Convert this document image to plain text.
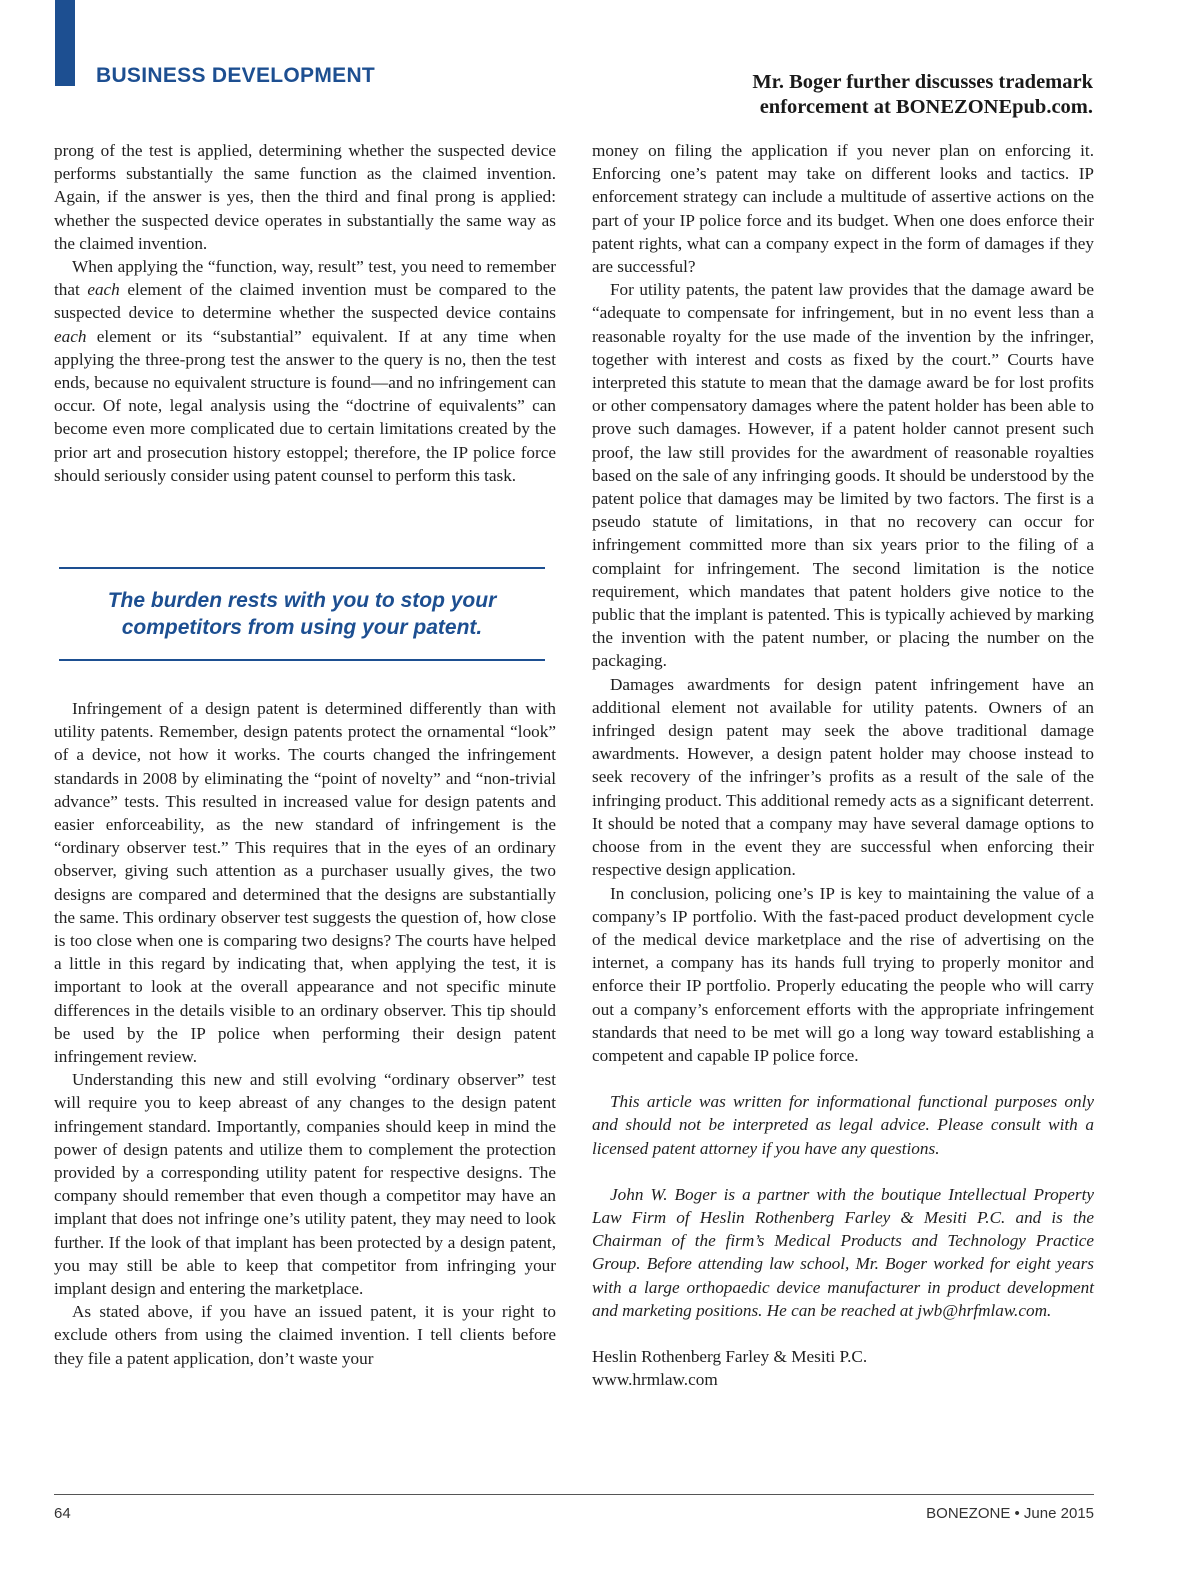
BUSINESS DEVELOPMENT	Mr. Boger further discusses trademark
enforcement at BONEZONEpub.com.

prong of the test is applied, determining whether the suspected device performs substantially the same function as the claimed invention. Again, if the answer is yes, then the third and final prong is applied: whether the suspected device operates in substantially the same way as the claimed invention.

When applying the “function, way, result” test, you need to remember that each element of the claimed invention must be compared to the suspected device to determine whether the suspected device contains each element or its “substantial” equivalent. If at any time when applying the three-prong test the answer to the query is no, then the test ends, because no equivalent structure is found—and no infringement can occur. Of note, legal analysis using the “doctrine of equivalents” can become even more complicated due to certain limitations created by the prior art and prosecution history estoppel; therefore, the IP police force should seriously consider using patent counsel to perform this task.

The burden rests with you to stop your
competitors from using your patent.

Infringement of a design patent is determined differently than with utility patents. Remember, design patents protect the ornamental “look” of a device, not how it works. The courts changed the infringement standards in 2008 by eliminating the “point of novelty” and “non-trivial advance” tests. This resulted in increased value for design patents and easier enforceability, as the new standard of infringement is the “ordinary observer test.” This requires that in the eyes of an ordinary observer, giving such attention as a purchaser usually gives, the two designs are compared and determined that the designs are substantially the same. This ordinary observer test suggests the question of, how close is too close when one is comparing two designs? The courts have helped a little in this regard by indicating that, when applying the test, it is important to look at the overall appearance and not specific minute differences in the details visible to an ordinary observer. This tip should be used by the IP police when performing their design patent infringement review.

Understanding this new and still evolving “ordinary observer” test will require you to keep abreast of any changes to the design patent infringement standard. Importantly, companies should keep in mind the power of design patents and utilize them to complement the protection provided by a corresponding utility patent for respective designs. The company should remember that even though a competitor may have an implant that does not infringe one’s utility patent, they may need to look further. If the look of that implant has been protected by a design patent, you may still be able to keep that competitor from infringing your implant design and entering the marketplace.

As stated above, if you have an issued patent, it is your right to exclude others from using the claimed invention. I tell clients before they file a patent application, don’t waste your

money on filing the application if you never plan on enforcing it. Enforcing one’s patent may take on different looks and tactics. IP enforcement strategy can include a multitude of assertive actions on the part of your IP police force and its budget. When one does enforce their patent rights, what can a company expect in the form of damages if they are successful?

For utility patents, the patent law provides that the damage award be “adequate to compensate for infringement, but in no event less than a reasonable royalty for the use made of the invention by the infringer, together with interest and costs as fixed by the court.” Courts have interpreted this statute to mean that the damage award be for lost profits or other compensatory damages where the patent holder has been able to prove such damages. However, if a patent holder cannot present such proof, the law still provides for the awardment of reasonable royalties based on the sale of any infringing goods. It should be understood by the patent police that damages may be limited by two factors. The first is a pseudo statute of limitations, in that no recovery can occur for infringement committed more than six years prior to the filing of a complaint for infringement. The second limitation is the notice requirement, which mandates that patent holders give notice to the public that the implant is patented. This is typically achieved by marking the invention with the patent number, or placing the number on the packaging.

Damages awardments for design patent infringement have an additional element not available for utility patents. Owners of an infringed design patent may seek the above traditional damage awardments. However, a design patent holder may choose instead to seek recovery of the infringer’s profits as a result of the sale of the infringing product. This additional remedy acts as a significant deterrent. It should be noted that a company may have several damage options to choose from in the event they are successful when enforcing their respective design application.

In conclusion, policing one’s IP is key to maintaining the value of a company’s IP portfolio. With the fast-paced product development cycle of the medical device marketplace and the rise of advertising on the internet, a company has its hands full trying to properly monitor and enforce their IP portfolio. Properly educating the people who will carry out a company’s enforcement efforts with the appropriate infringement standards that need to be met will go a long way toward establishing a competent and capable IP police force.

This article was written for informational functional purposes only and should not be interpreted as legal advice. Please consult with a licensed patent attorney if you have any questions.

John W. Boger is a partner with the boutique Intellectual Property Law Firm of Heslin Rothenberg Farley & Mesiti P.C. and is the Chairman of the firm’s Medical Products and Technology Practice Group. Before attending law school, Mr. Boger worked for eight years with a large orthopaedic device manufacturer in product development and marketing positions. He can be reached at jwb@hrfmlaw.com.

Heslin Rothenberg Farley & Mesiti P.C.

www.hrmlaw.com

64	BONEZONE • June 2015
